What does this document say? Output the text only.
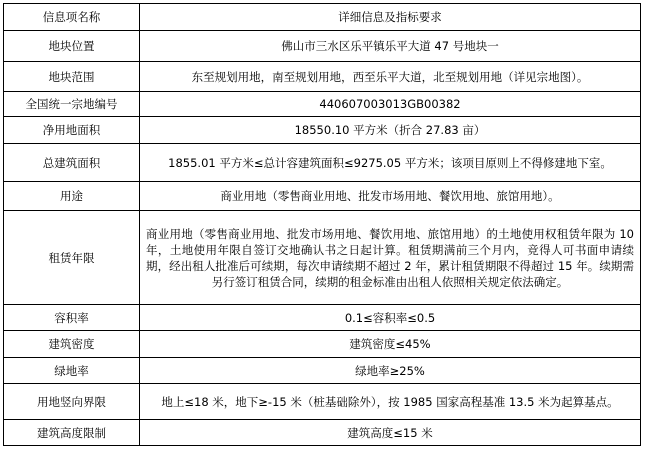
信息项名称	详细信息及指标要求
地块位置	佛山市三水区乐平镇乐平大道 47 号地块一
地块范围	东至规划用地，南至规划用地，西至乐平大道，北至规划用地（详见宗地图）。
全国统一宗地编号	440607003013GB00382
净用地面积	18550.10 平方米（折合 27.83 亩）
总建筑面积	1855.01 平方米≤总计容建筑面积≤9275.05 平方米；该项目原则上不得修建地下室。
用途	商业用地（零售商业用地、批发市场用地、餐饮用地、旅馆用地）。
租赁年限	商业用地（零售商业用地、批发市场用地、餐饮用地、旅馆用地）的土地使用权租赁年限为 10 年，土地使用年限自签订交地确认书之日起计算。租赁期满前三个月内，竞得人可书面申请续期，经出租人批准后可续期，每次申请续期不超过 2 年，累计租赁期限不得超过 15 年。续期需另行签订租赁合同，续期的租金标准由出租人依照相关规定依法确定。
容积率	0.1≤容积率≤0.5
建筑密度	建筑密度≤45%
绿地率	绿地率≥25%
用地竖向界限	地上≤18 米，地下≥-15 米（桩基础除外），按 1985 国家高程基准 13.5 米为起算基点。
建筑高度限制	建筑高度≤15 米
